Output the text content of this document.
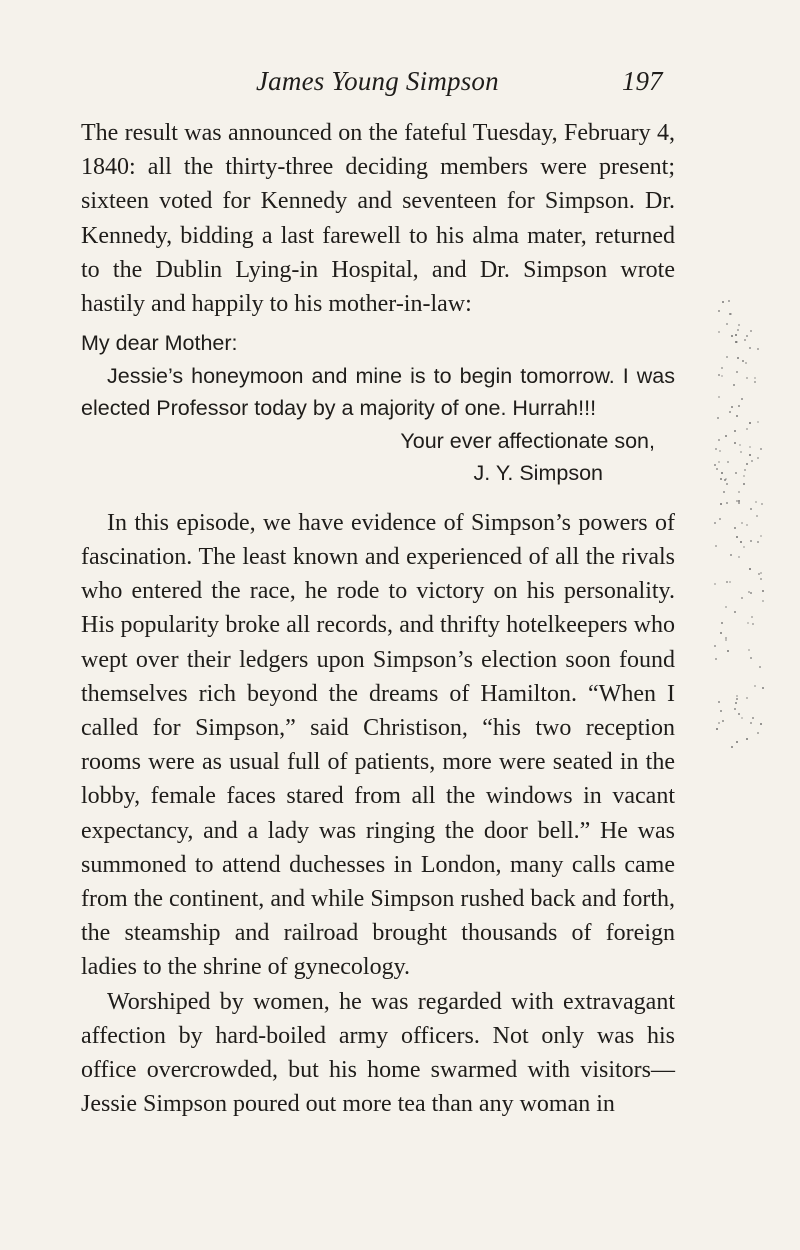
James Young Simpson	197

The result was announced on the fateful Tuesday, February 4, 1840: all the thirty-three deciding members were present; sixteen voted for Kennedy and seventeen for Simpson. Dr. Kennedy, bidding a last farewell to his alma mater, returned to the Dublin Lying-in Hospital, and Dr. Simpson wrote hastily and happily to his mother-in-law:

My dear Mother:
Jessie’s honeymoon and mine is to begin tomorrow. I was elected Professor today by a majority of one. Hurrah!!!
Your ever affectionate son,
J. Y. Simpson

In this episode, we have evidence of Simpson’s powers of fascination. The least known and experienced of all the rivals who entered the race, he rode to victory on his personality. His popularity broke all records, and thrifty hotelkeepers who wept over their ledgers upon Simpson’s election soon found themselves rich beyond the dreams of Hamilton. “When I called for Simpson,” said Christison, “his two reception rooms were as usual full of patients, more were seated in the lobby, female faces stared from all the windows in vacant expectancy, and a lady was ringing the door bell.” He was summoned to attend duchesses in London, many calls came from the continent, and while Simpson rushed back and forth, the steamship and railroad brought thousands of foreign ladies to the shrine of gynecology.

Worshiped by women, he was regarded with extravagant affection by hard-boiled army officers. Not only was his office overcrowded, but his home swarmed with visitors—Jessie Simpson poured out more tea than any woman in
